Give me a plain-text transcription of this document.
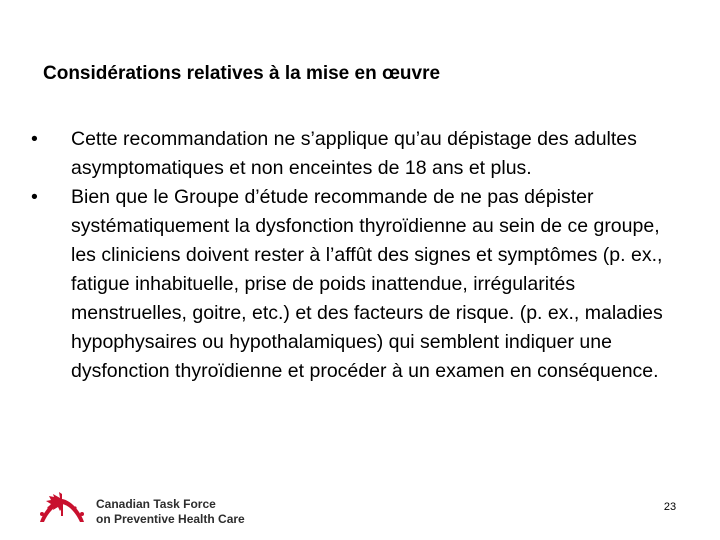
Considérations relatives à la mise en œuvre
• Cette recommandation ne s’applique qu’au dépistage des adultes asymptomatiques et non enceintes de 18 ans et plus.
• Bien que le Groupe d’étude recommande de ne pas dépister systématiquement la dysfonction thyroïdienne au sein de ce groupe, les cliniciens doivent rester à l’affût des signes et symptômes (p. ex., fatigue inhabituelle, prise de poids inattendue, irrégularités menstruelles, goitre, etc.) et des facteurs de risque. (p. ex., maladies hypophysaires ou hypothalamiques) qui semblent indiquer une dysfonction thyroïdienne et procéder à un examen en conséquence.
Canadian Task Force
on Preventive Health Care
23
